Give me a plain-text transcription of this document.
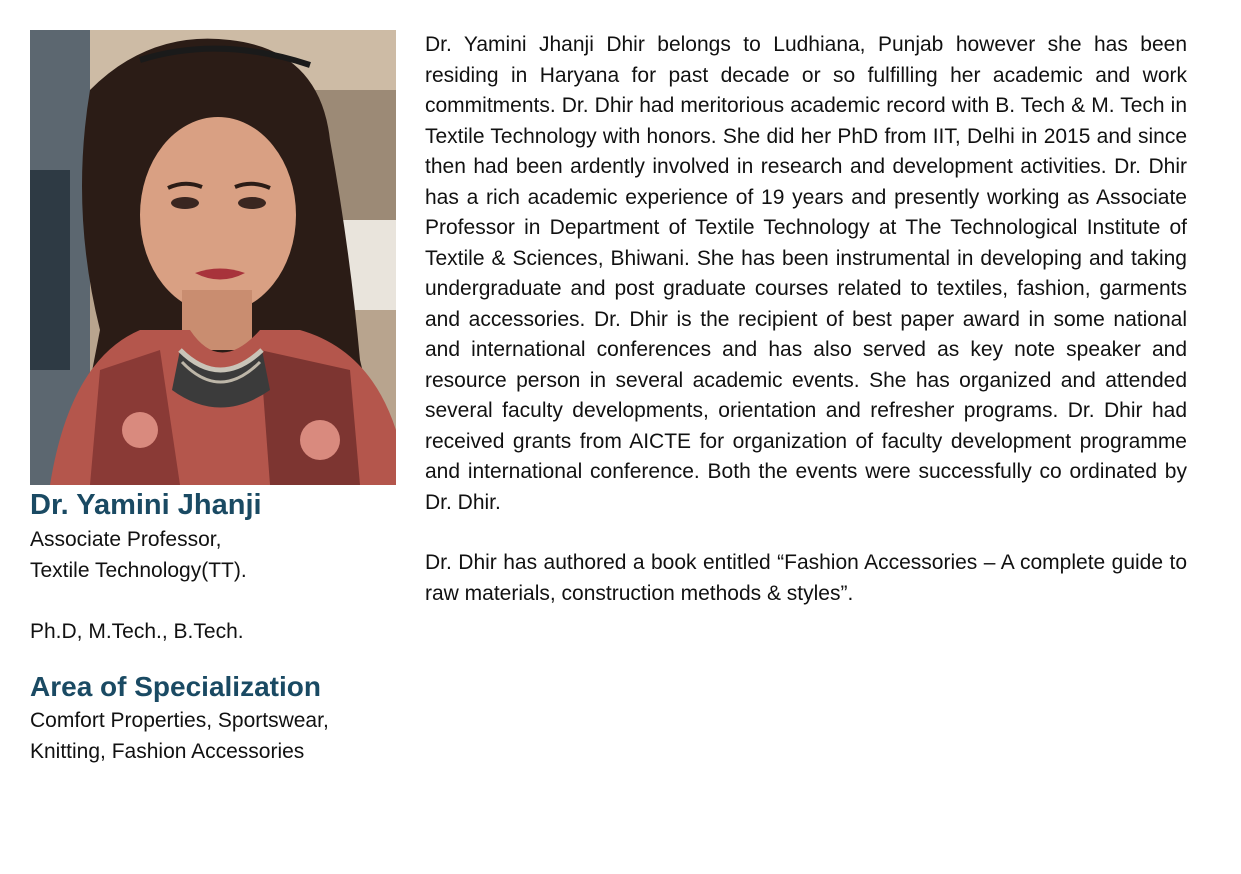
Dr. Yamini Jhanji

Associate Professor,

Textile Technology(TT).

Ph.D, M.Tech., B.Tech.

Area of Specialization

Comfort Properties, Sportswear,

Knitting, Fashion Accessories

Dr. Yamini Jhanji Dhir belongs to Ludhiana, Punjab however she has been residing in Haryana for past decade or so fulfilling her academic and work commitments. Dr. Dhir had meritorious academic record with B. Tech & M. Tech in Textile Technology with honors. She did her PhD from IIT, Delhi in 2015 and since then had been ardently involved in research and development activities. Dr. Dhir has a rich academic experience of 19 years and presently working as Associate Professor in Department of Textile Technology at The Technological Institute of Textile & Sciences, Bhiwani. She has been instrumental in developing and taking undergraduate and post graduate courses related to textiles, fashion, garments and accessories. Dr. Dhir is the recipient of best paper award in some national and international conferences and has also served as key note speaker and resource person in several academic events. She has organized and attended several faculty developments, orientation and refresher programs. Dr. Dhir had received grants from AICTE for organization of faculty development programme and international conference. Both the events were successfully co ordinated by Dr. Dhir.

Dr. Dhir has authored a book entitled “Fashion Accessories – A complete guide to raw materials, construction methods & styles”.
